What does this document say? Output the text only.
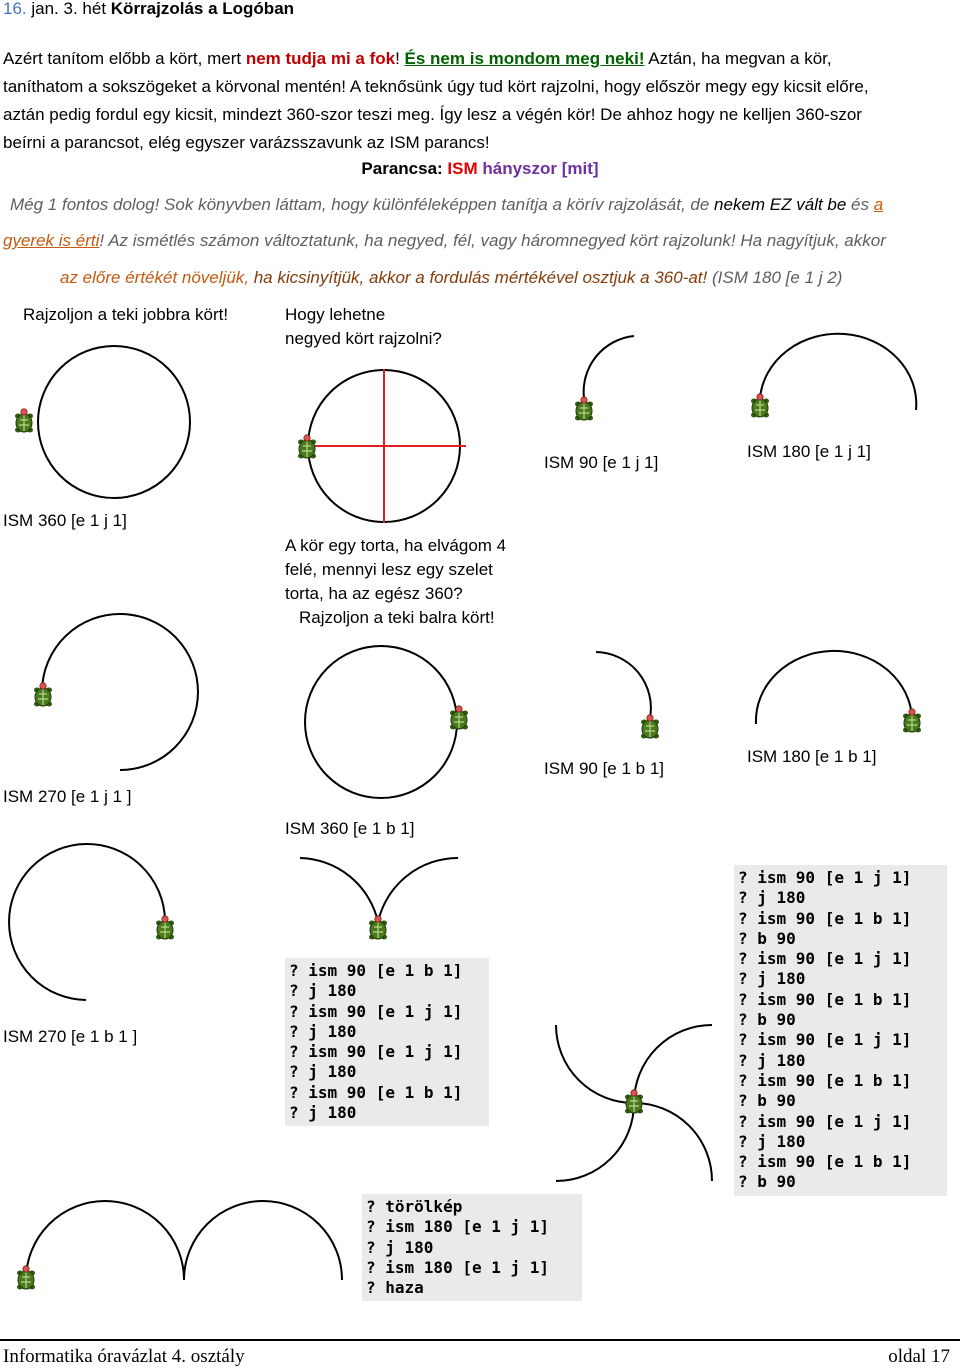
16. jan. 3. hét Körrajzolás a Logóban
Azért tanítom előbb a kört, mert nem tudja mi a fok! És nem is mondom meg neki! Aztán, ha megvan a kör,
taníthatom a sokszögeket a körvonal mentén! A teknősünk úgy tud kört rajzolni, hogy először megy egy kicsit előre,
aztán pedig fordul egy kicsit, mindezt 360-szor teszi meg. Így lesz a végén kör! De ahhoz hogy ne kelljen 360-szor
beírni a parancsot, elég egyszer varázsszavunk az ISM parancs!
Parancsa: ISM hányszor [mit]
Még 1 fontos dolog! Sok könyvben láttam, hogy különféleképpen tanítja a körív rajzolását, de nekem EZ vált be és a
gyerek is érti! Az ismétlés számon változtatunk, ha negyed, fél, vagy háromnegyed kört rajzolunk! Ha nagyítjuk, akkor
az előre értékét növeljük, ha kicsinyítjük, akkor a fordulás mértékével osztjuk a 360-at! (ISM 180 [e 1 j 2)
Rajzoljon a teki jobbra kört!	Hogy lehetne
negyed kört rajzolni?
ISM 90 [e 1 j 1]
ISM 180 [e 1 j 1]
ISM 360 [e 1 j 1]
A kör egy torta, ha elvágom 4
felé, mennyi lesz egy szelet
torta, ha az egész 360?
Rajzoljon a teki balra kört!
ISM 270 [e 1 j 1 ]
ISM 360 [e 1 b 1]
ISM 90 [e 1 b 1]
ISM 180 [e 1 b 1]
ISM 270 [e 1 b 1 ]
? ism 90 [e 1 b 1]
? j 180
? ism 90 [e 1 j 1]
? j 180
? ism 90 [e 1 j 1]
? j 180
? ism 90 [e 1 b 1]
? j 180
? ism 90 [e 1 j 1]
? j 180
? ism 90 [e 1 b 1]
? b 90
? ism 90 [e 1 j 1]
? j 180
? ism 90 [e 1 b 1]
? b 90
? ism 90 [e 1 j 1]
? j 180
? ism 90 [e 1 b 1]
? b 90
? ism 90 [e 1 j 1]
? j 180
? ism 90 [e 1 b 1]
? b 90
? törölkép
? ism 180 [e 1 j 1]
? j 180
? ism 180 [e 1 j 1]
? haza
Informatika óravázlat 4. osztály	oldal 17
